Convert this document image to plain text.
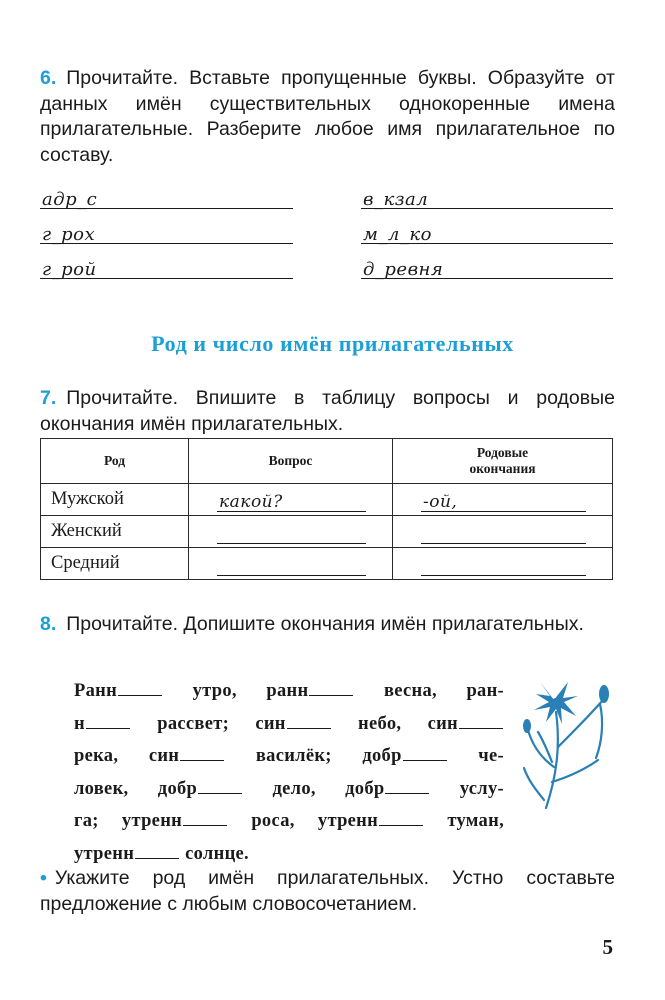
6. Прочитайте. Вставьте пропущенные буквы. Образуйте от данных имён существительных однокоренные имена прилагательные. Разберите любое имя прилагательное по составу.
адр_с
г_рох
г_рой
в_кзал
м_л_ко
д_ревня
Род и число имён прилагательных
7. Прочитайте. Впишите в таблицу вопросы и родовые окончания имён прилагательных.
Род	Вопрос	Родовые окончания
Мужской	какой?	-ой,

Женский	

Средний	

8. Прочитайте. Допишите окончания имён прилагательных.
Ранн утро, ранн весна, ран-
н рассвет; син небо, син
река, син василёк; добр че-
ловек, добр дело, добр услу-
га; утренн роса, утренн туман,
утренн солнце.
• Укажите род имён прилагательных. Устно составьте предложение с любым словосочетанием.
5
